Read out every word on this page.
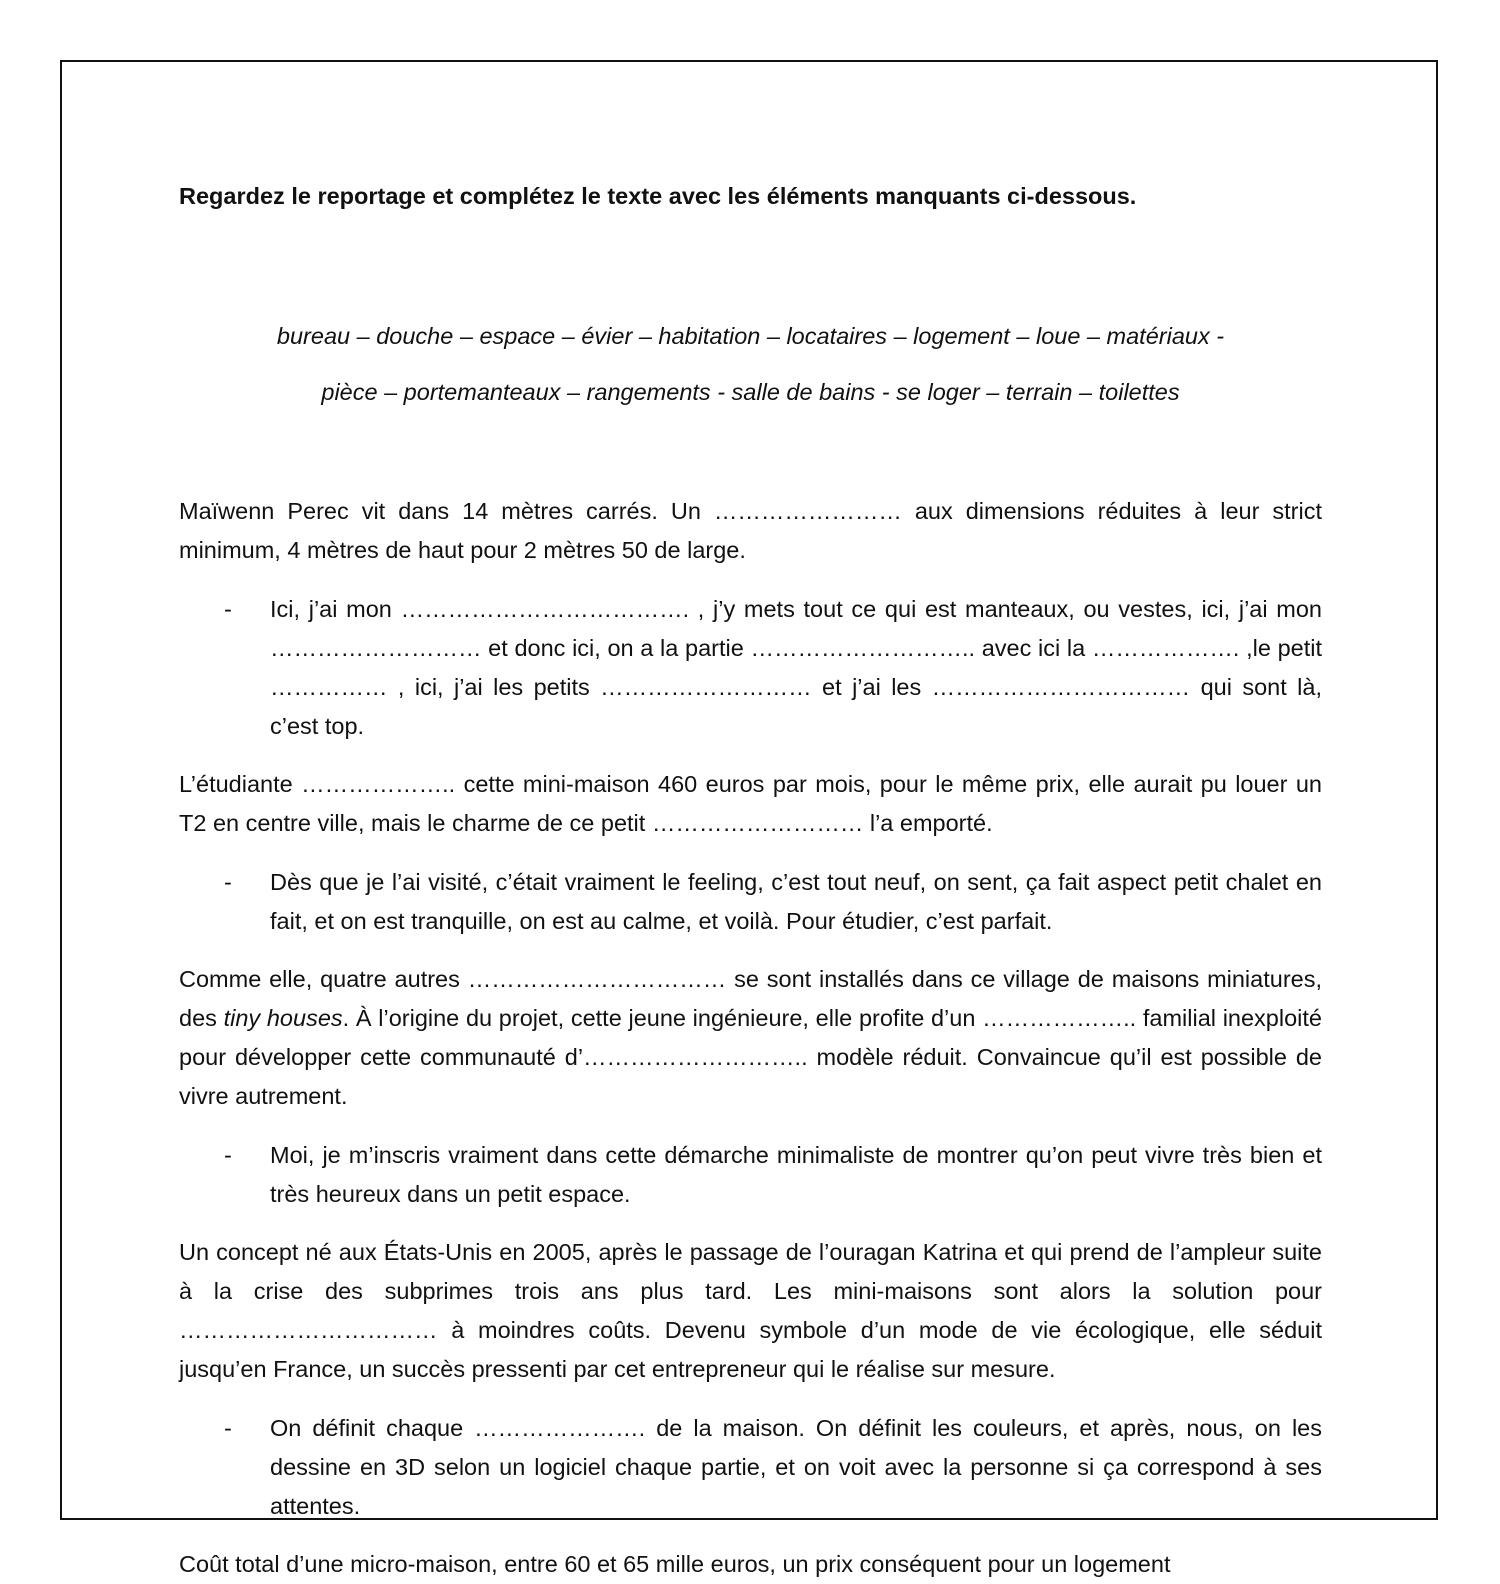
Regardez le reportage et complétez le texte avec les éléments manquants ci-dessous.

bureau – douche – espace – évier – habitation – locataires – logement – loue – matériaux -
pièce – portemanteaux – rangements - salle de bains - se loger – terrain – toilettes

Maïwenn Perec vit dans 14 mètres carrés. Un …………………… aux dimensions réduites à leur strict minimum, 4 mètres de haut pour 2 mètres 50 de large.

- Ici, j’ai mon ………………………………. , j’y mets tout ce qui est manteaux, ou vestes, ici, j’ai mon ……………………… et donc ici, on a la partie ……………………….. avec ici la ………………. ,le petit …………… , ici, j’ai les petits ……………………… et j’ai les …………………………… qui sont là, c’est top.

L’étudiante ……………….. cette mini-maison 460 euros par mois, pour le même prix, elle aurait pu louer un T2 en centre ville, mais le charme de ce petit ……………………… l’a emporté.

- Dès que je l’ai visité, c’était vraiment le feeling, c’est tout neuf, on sent, ça fait aspect petit chalet en fait, et on est tranquille, on est au calme, et voilà. Pour étudier, c’est parfait.

Comme elle, quatre autres …………………………… se sont installés dans ce village de maisons miniatures, des tiny houses. À l’origine du projet, cette jeune ingénieure, elle profite d’un ……………….. familial inexploité pour développer cette communauté d’……………………….. modèle réduit. Convaincue qu’il est possible de vivre autrement.

- Moi, je m’inscris vraiment dans cette démarche minimaliste de montrer qu’on peut vivre très bien et très heureux dans un petit espace.

Un concept né aux États-Unis en 2005, après le passage de l’ouragan Katrina et qui prend de l’ampleur suite à la crise des subprimes trois ans plus tard. Les mini-maisons sont alors la solution pour …………………………… à moindres coûts. Devenu symbole d’un mode de vie écologique, elle séduit jusqu’en France, un succès pressenti par cet entrepreneur qui le réalise sur mesure.

- On définit chaque …………………. de la maison. On définit les couleurs, et après, nous, on les dessine en 3D selon un logiciel chaque partie, et on voit avec la personne si ça correspond à ses attentes.

Coût total d’une micro-maison, entre 60 et 65 mille euros, un prix conséquent pour un logement
